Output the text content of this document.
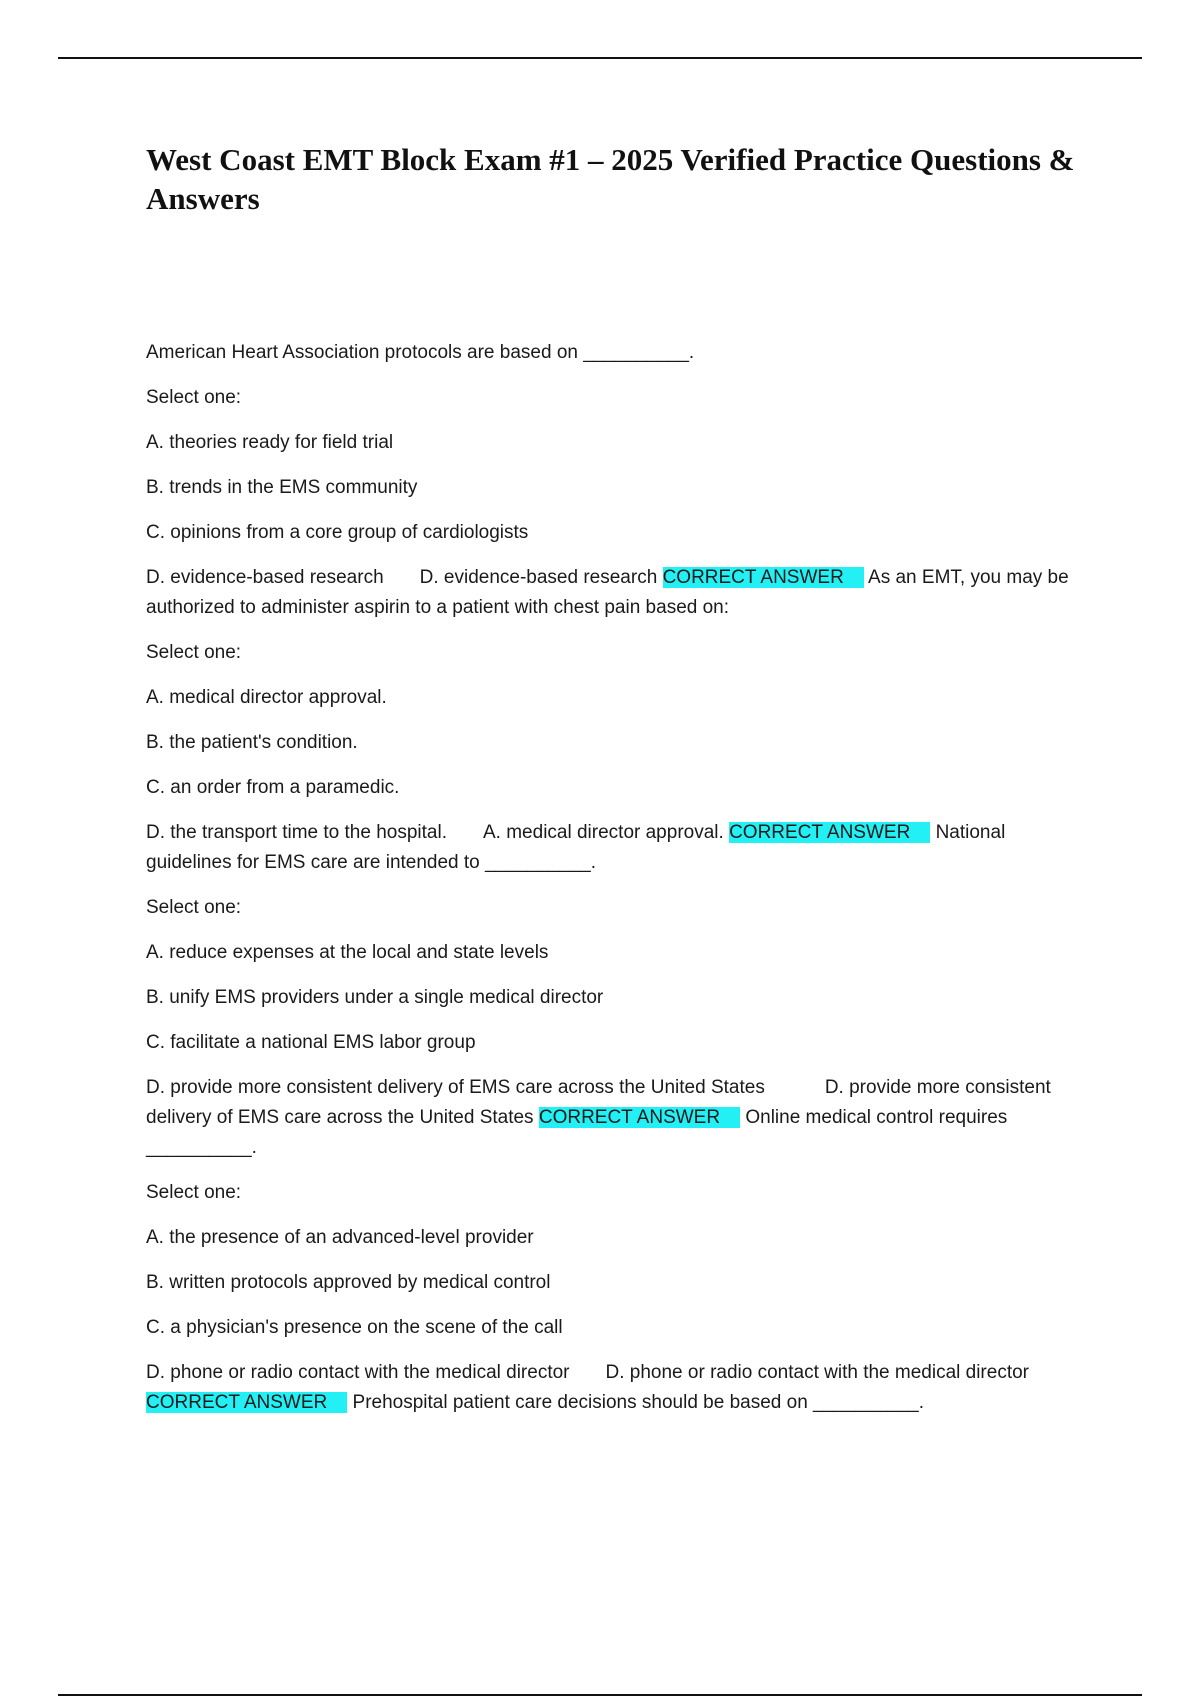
West Coast EMT Block Exam #1 – 2025 Verified Practice Questions & Answers

American Heart Association protocols are based on __________.

Select one:

A. theories ready for field trial

B. trends in the EMS community

C. opinions from a core group of cardiologists

D. evidence-based research D. evidence-based research CORRECT ANSWER As an EMT, you may be authorized to administer aspirin to a patient with chest pain based on:

Select one:

A. medical director approval.

B. the patient's condition.

C. an order from a paramedic.

D. the transport time to the hospital. A. medical director approval. CORRECT ANSWER National guidelines for EMS care are intended to __________.

Select one:

A. reduce expenses at the local and state levels

B. unify EMS providers under a single medical director

C. facilitate a national EMS labor group

D. provide more consistent delivery of EMS care across the United States	D. provide more consistent delivery of EMS care across the United States CORRECT ANSWER Online medical control requires __________.

Select one:

A. the presence of an advanced-level provider

B. written protocols approved by medical control

C. a physician's presence on the scene of the call

D. phone or radio contact with the medical director D. phone or radio contact with the medical director CORRECT ANSWER Prehospital patient care decisions should be based on __________.
